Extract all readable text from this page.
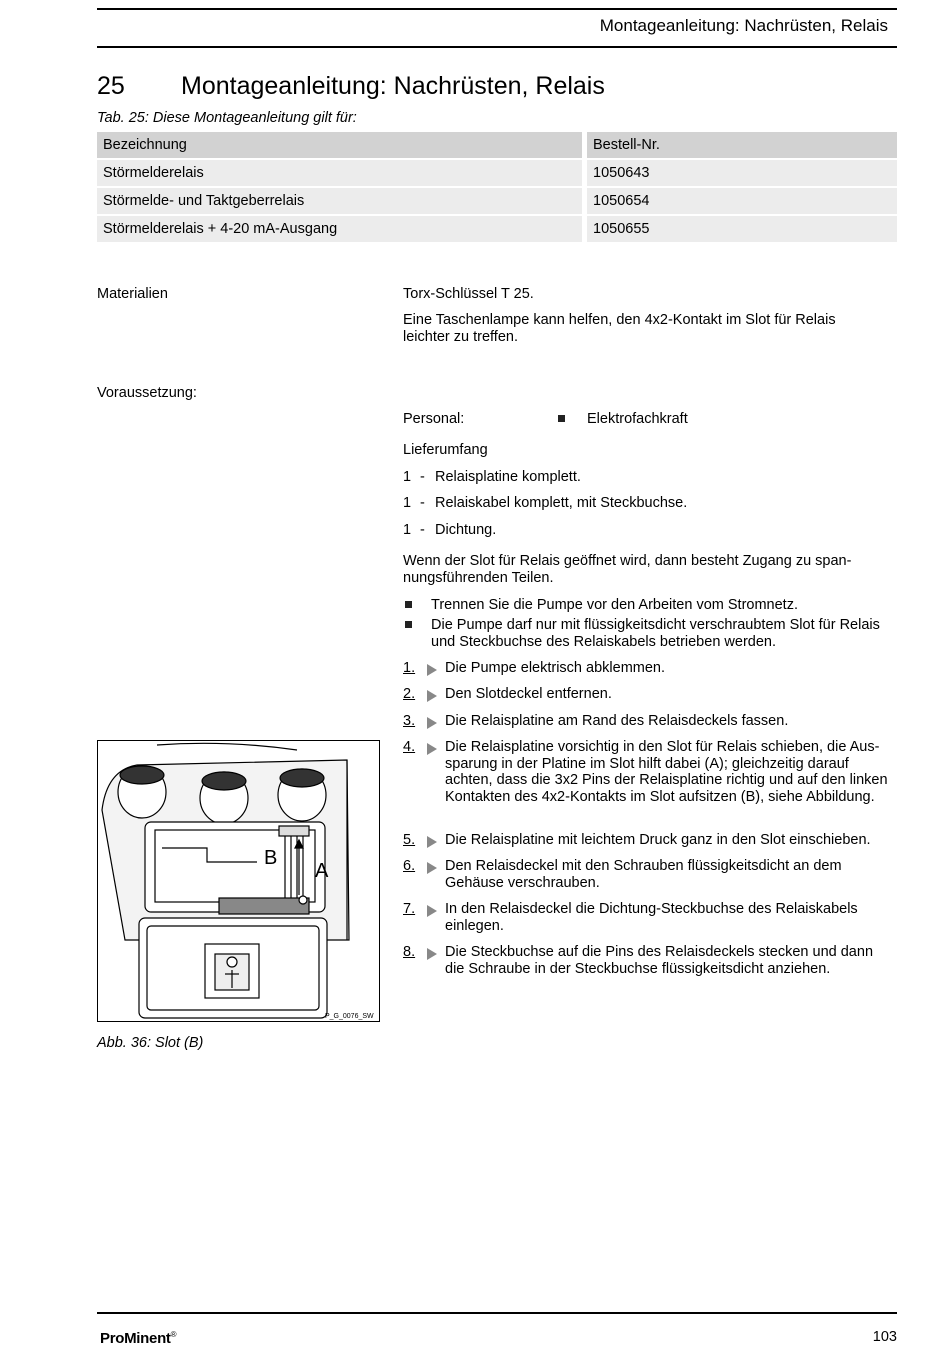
Montageanleitung: Nachrüsten, Relais
25 Montageanleitung: Nachrüsten, Relais
Tab. 25: Diese Montageanleitung gilt für:
Bezeichnung	Bestell-Nr.
Störmelderelais	1050643
Störmelde- und Taktgeberrelais	1050654
Störmelderelais + 4-20 mA-Ausgang	1050655
Materialien	Torx-Schlüssel T 25.
Eine Taschenlampe kann helfen, den 4x2-Kontakt im Slot für Relais leichter zu treffen.
Voraussetzung:
Personal:	Elektrofachkraft
Lieferumfang
1 - Relaisplatine komplett.
1 - Relaiskabel komplett, mit Steckbuchse.
1 - Dichtung.
Wenn der Slot für Relais geöffnet wird, dann besteht Zugang zu span- nungsführenden Teilen.
Trennen Sie die Pumpe vor den Arbeiten vom Stromnetz.
Die Pumpe darf nur mit flüssigkeitsdicht verschraubtem Slot für Relais und Steckbuchse des Relaiskabels betrieben werden.
1. Die Pumpe elektrisch abklemmen.
2. Den Slotdeckel entfernen.
3. Die Relaisplatine am Rand des Relaisdeckels fassen.
4. Die Relaisplatine vorsichtig in den Slot für Relais schieben, die Aus- sparung in der Platine im Slot hilft dabei (A); gleichzeitig darauf achten, dass die 3x2 Pins der Relaisplatine richtig und auf den linken Kontakten des 4x2-Kontakts im Slot aufsitzen (B), siehe Abbildung.
5. Die Relaisplatine mit leichtem Druck ganz in den Slot einschieben.
6. Den Relaisdeckel mit den Schrauben flüssigkeitsdicht an dem Gehäuse verschrauben.
7. In den Relaisdeckel die Dichtung-Steckbuchse des Relaiskabels einlegen.
8. Die Steckbuchse auf die Pins des Relaisdeckels stecken und dann die Schraube in der Steckbuchse flüssigkeitsdicht anziehen.
B
A
P_G_0076_SW
Abb. 36: Slot (B)
ProMinent®	103
